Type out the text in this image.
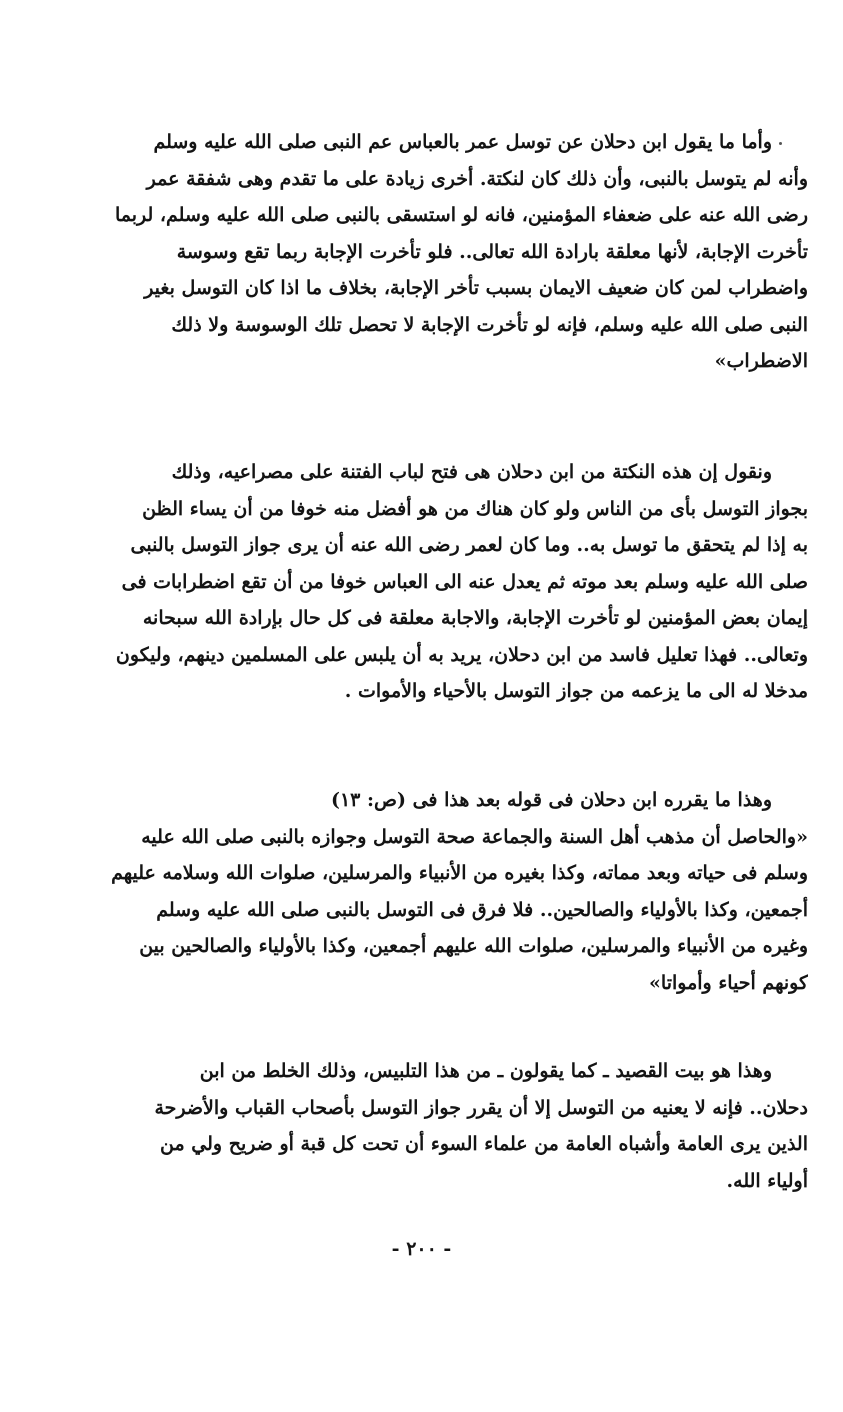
وأما ما يقول ابن دحلان عن توسل عمر بالعباس عم النبى صلى الله عليه وسلم
وأنه لم يتوسل بالنبى، وأن ذلك كان لنكتة. أخرى زيادة على ما تقدم وهى شفقة عمر
رضى الله عنه على ضعفاء المؤمنين، فانه لو استسقى بالنبى صلى الله عليه وسلم، لربما
تأخرت الإجابة، لأنها معلقة بارادة الله تعالى.. فلو تأخرت الإجابة ربما تقع وسوسة
واضطراب لمن كان ضعيف الايمان بسبب تأخر الإجابة، بخلاف ما اذا كان التوسل بغير
النبى صلى الله عليه وسلم، فإنه لو تأخرت الإجابة لا تحصل تلك الوسوسة ولا ذلك
الاضطراب»
ونقول إن هذه النكتة من ابن دحلان هى فتح لباب الفتنة على مصراعيه، وذلك
بجواز التوسل بأى من الناس ولو كان هناك من هو أفضل منه خوفا من أن يساء الظن
به إذا لم يتحقق ما توسل به.. وما كان لعمر رضى الله عنه أن يرى جواز التوسل بالنبى
صلى الله عليه وسلم بعد موته ثم يعدل عنه الى العباس خوفا من أن تقع اضطرابات فى
إيمان بعض المؤمنين لو تأخرت الإجابة، والاجابة معلقة فى كل حال بإرادة الله سبحانه
وتعالى.. فهذا تعليل فاسد من ابن دحلان، يريد به أن يلبس على المسلمين دينهم، وليكون
مدخلا له الى ما يزعمه من جواز التوسل بالأحياء والأموات .
وهذا ما يقرره ابن دحلان فى قوله بعد هذا فى (ص: ١٣)
«والحاصل أن مذهب أهل السنة والجماعة صحة التوسل وجوازه بالنبى صلى الله عليه
وسلم فى حياته وبعد مماته، وكذا بغيره من الأنبياء والمرسلين، صلوات الله وسلامه عليهم
أجمعين، وكذا بالأولياء والصالحين.. فلا فرق فى التوسل بالنبى صلى الله عليه وسلم
وغيره من الأنبياء والمرسلين، صلوات الله عليهم أجمعين، وكذا بالأولياء والصالحين بين
كونهم أحياء وأمواتا»
وهذا هو بيت القصيد ـ كما يقولون ـ من هذا التلبيس، وذلك الخلط من ابن
دحلان.. فإنه لا يعنيه من التوسل إلا أن يقرر جواز التوسل بأصحاب القباب والأضرحة
الذين يرى العامة وأشباه العامة من علماء السوء أن تحت كل قبة أو ضريح ولي من
أولياء الله.
- ٢٠٠ -
